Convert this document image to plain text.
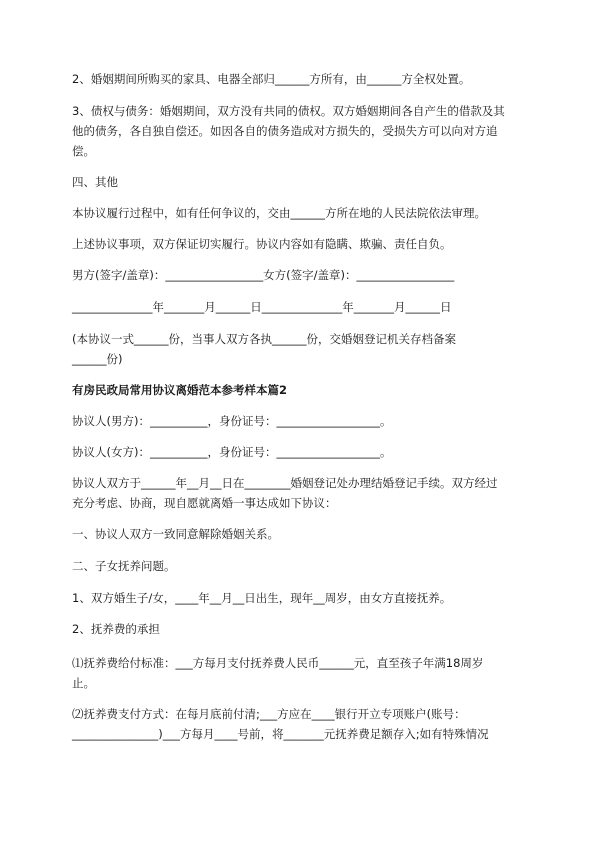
2、婚姻期间所购买的家具、电器全部归______方所有，由______方全权处置。
3、债权与债务：婚姻期间，双方没有共同的债权。双方婚姻期间各自产生的借款及其
他的债务，各自独自偿还。如因各自的债务造成对方损失的，受损失方可以向对方追
偿。
四、其他
本协议履行过程中，如有任何争议的，交由______方所在地的人民法院依法审理。
上述协议事项，双方保证切实履行。协议内容如有隐瞒、欺骗、责任自负。
男方(签字/盖章)：_________________女方(签字/盖章)：_________________
______________年_______月______日______________年_______月______日
(本协议一式______份，当事人双方各执______份，交婚姻登记机关存档备案
______份)
有房民政局常用协议离婚范本参考样本篇2
协议人(男方)：__________，身份证号：__________________。
协议人(女方)：__________，身份证号：__________________。
协议人双方于______年__月__日在________婚姻登记处办理结婚登记手续。双方经过
充分考虑、协商，现自愿就离婚一事达成如下协议：
一、协议人双方一致同意解除婚姻关系。
二、子女抚养问题。
1、双方婚生子/女，____年__月__日出生，现年__周岁，由女方直接抚养。
2、抚养费的承担
⑴抚养费给付标准：___方每月支付抚养费人民币______元，直至孩子年满18周岁
止。
⑵抚养费支付方式：在每月底前付清;___方应在____银行开立专项账户(账号：
_______________)___方每月____号前，将_______元抚养费足额存入;如有特殊情况
